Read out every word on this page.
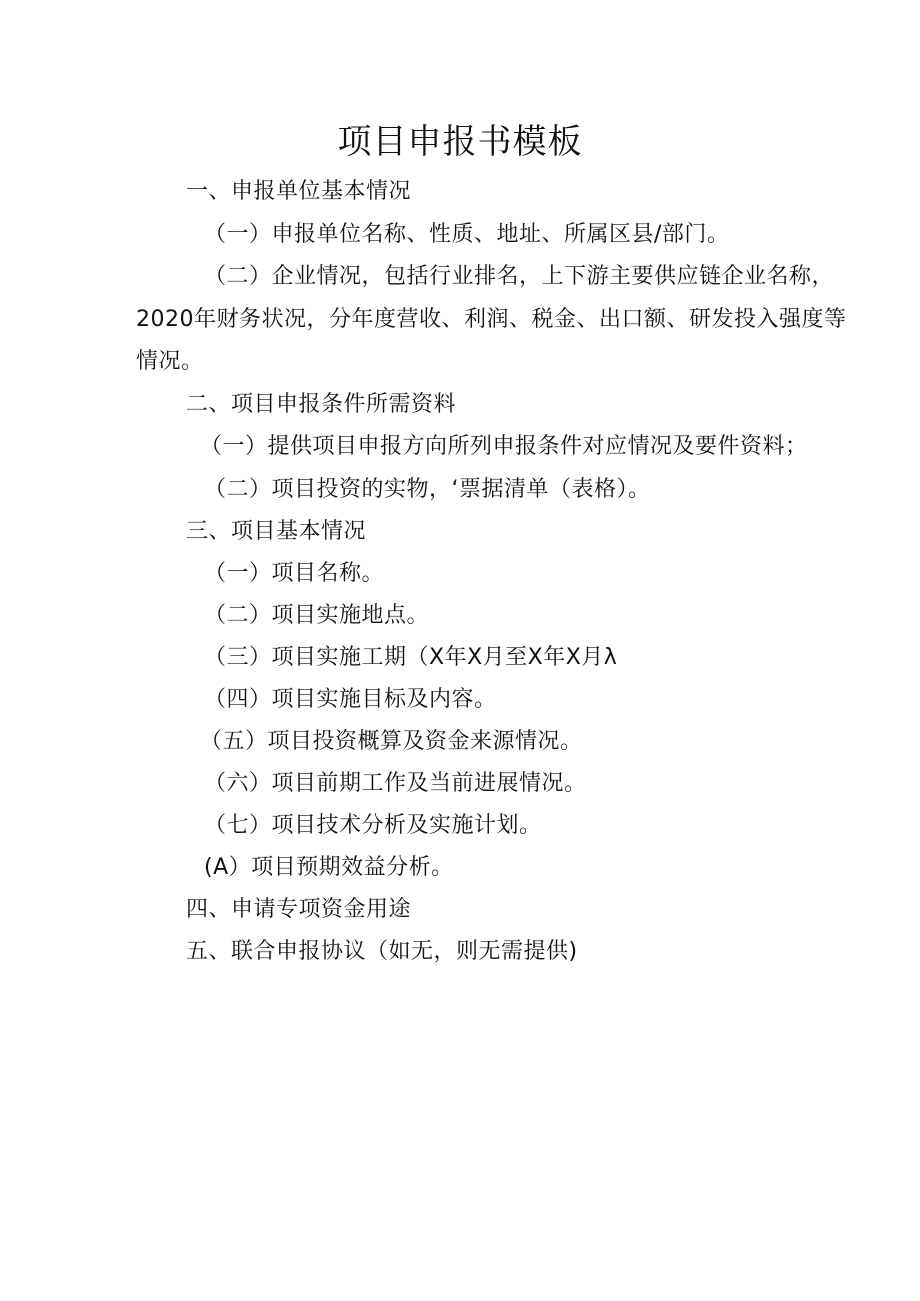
项目申报书模板
一、申报单位基本情况
（一）申报单位名称、性质、地址、所属区县/部门。
（二）企业情况，包括行业排名，上下游主要供应链企业名称，
2020年财务状况，分年度营收、利润、税金、出口额、研发投入强度等
情况。
二、项目申报条件所需资料
（一）提供项目申报方向所列申报条件对应情况及要件资料；
（二）项目投资的实物，‘票据清单（表格）。
三、项目基本情况
（一）项目名称。
（二）项目实施地点。
（三）项目实施工期（X年X月至X年X月λ
（四）项目实施目标及内容。
（五）项目投资概算及资金来源情况。
（六）项目前期工作及当前进展情况。
（七）项目技术分析及实施计划。
(A）项目预期效益分析。
四、申请专项资金用途
五、联合申报协议（如无，则无需提供)
